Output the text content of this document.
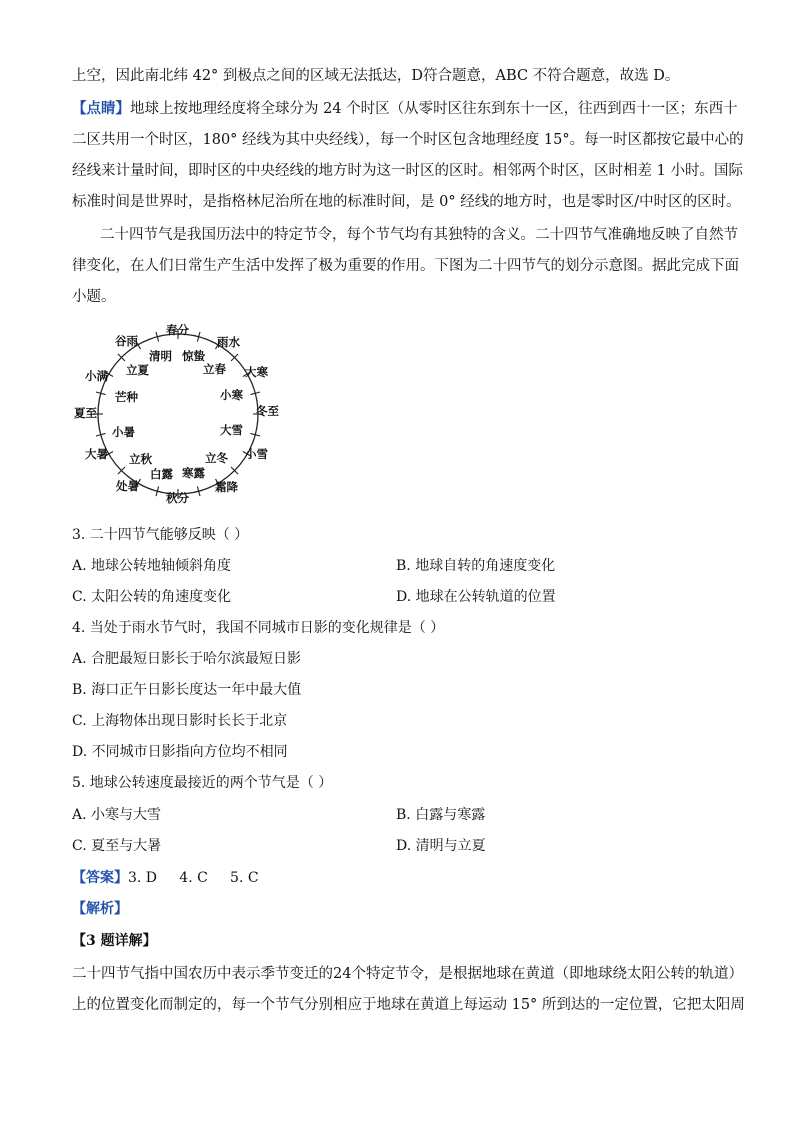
上空，因此南北纬 42° 到极点之间的区域无法抵达，D符合题意，ABC 不符合题意，故选 D。
【点睛】地球上按地理经度将全球分为 24 个时区（从零时区往东到东十一区，往西到西十一区；东西十
二区共用一个时区，180° 经线为其中央经线），每一个时区包含地理经度 15°。每一时区都按它最中心的
经线来计量时间，即时区的中央经线的地方时为这一时区的区时。相邻两个时区，区时相差 1 小时。国际
标准时间是世界时，是指格林尼治所在地的标准时间，是 0° 经线的地方时，也是零时区/中时区的区时。
二十四节气是我国历法中的特定节令，每个节气均有其独特的含义。二十四节气准确地反映了自然节
律变化，在人们日常生产生活中发挥了极为重要的作用。下图为二十四节气的划分示意图。据此完成下面
小题。
春分
雨水
大寒
冬至
小雪
霜降
秋分
处暑
大暑
夏至
小满
谷雨
惊蛰
立春
小寒
大雪
立冬
寒露
白露
立秋
小暑
芒种
立夏
清明
3. 二十四节气能够反映（ ）
A. 地球公转地轴倾斜角度	B. 地球自转的角速度变化
C. 太阳公转的角速度变化	D. 地球在公转轨道的位置
4. 当处于雨水节气时，我国不同城市日影的变化规律是（ ）
A. 合肥最短日影长于哈尔滨最短日影
B. 海口正午日影长度达一年中最大值
C. 上海物体出现日影时长长于北京
D. 不同城市日影指向方位均不相同
5. 地球公转速度最接近的两个节气是（ ）
A. 小寒与大雪	B. 白露与寒露
C. 夏至与大暑	D. 清明与立夏
【答案】3. D     4. C     5. C
【解析】
【3 题详解】
二十四节气指中国农历中表示季节变迁的24个特定节令，是根据地球在黄道（即地球绕太阳公转的轨道）
上的位置变化而制定的，每一个节气分别相应于地球在黄道上每运动 15° 所到达的一定位置，它把太阳周
